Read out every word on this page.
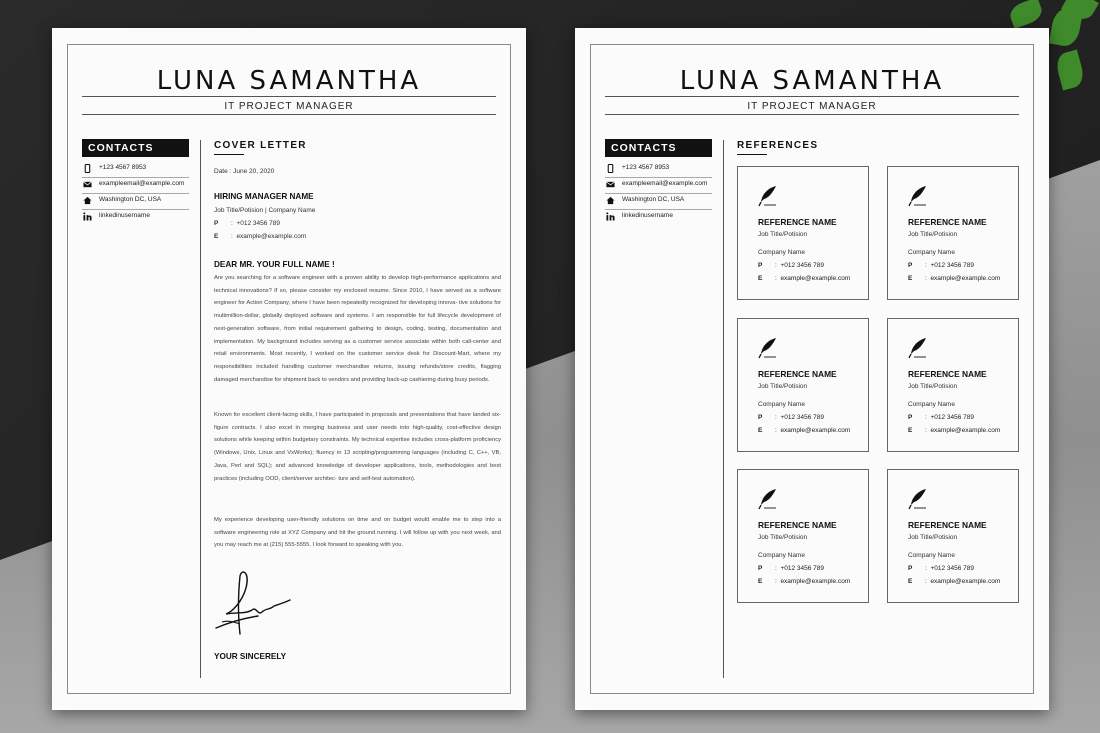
LUNA SAMANTHA
IT PROJECT MANAGER
CONTACTS
+123 4567 8953
exampleemail@example.com
Washington DC, USA
linkedinusername
COVER LETTER
Date : June 20, 2020
HIRING MANAGER NAME
Job Title/Potision | Company Name
P : +012 3456 789
E : example@example.com
DEAR MR. YOUR FULL NAME !
Are you searching for a software engineer with a proven ability to develop high-performance applications and technical innovations? If so, please consider my enclosed resume. Since 2010, I have served as a software engineer for Action Company, where I have been repeatedly recognized for developing innova- tive solutions for multimillion-dollar, globally deployed software and systems. I am responsible for full lifecycle development of next-generation software, from initial requirement gathering to design, coding, testing, documentation and implementation. My background includes serving as a customer service associate within both call-center and retail environments. Most recently, I worked on the customer service desk for Discount-Mart, where my responsibilities included handling customer merchandise returns, issuing refunds/store credits, flagging damaged merchandise for shipment back to vendors and providing back-up cashiering during busy periods.
Known for excellent client-facing skills, I have participated in proposals and presentations that have landed six-figure contracts. I also excel in merging business and user needs into high-quality, cost-effective design solutions while keeping within budgetary constraints. My technical expertise includes cross-platform proficiency (Windows, Unix, Linux and VxWorks); fluency in 13 scripting/programming languages (including C, C++, VB, Java, Perl and SQL); and advanced knowledge of developer applications, tools, methodologies and best practices (including OOD, client/server architec- ture and self-test automation).
My experience developing user-friendly solutions on time and on budget would enable me to step into a software engineering role at XYZ Company and hit the ground running. I will follow up with you next week, and you may reach me at (215) 555-5555. I look forward to speaking with you.
YOUR SINCERELY
LUNA SAMANTHA
IT PROJECT MANAGER
CONTACTS
+123 4567 8953
exampleemail@example.com
Washington DC, USA
linkedinusername
REFERENCES
REFERENCE NAME
Job Title/Potision
Company Name
P : +012 3456 789
E : example@example.com
REFERENCE NAME
Job Title/Potision
Company Name
P : +012 3456 789
E : example@example.com
REFERENCE NAME
Job Title/Potision
Company Name
P : +012 3456 789
E : example@example.com
REFERENCE NAME
Job Title/Potision
Company Name
P : +012 3456 789
E : example@example.com
REFERENCE NAME
Job Title/Potision
Company Name
P : +012 3456 789
E : example@example.com
REFERENCE NAME
Job Title/Potision
Company Name
P : +012 3456 789
E : example@example.com
